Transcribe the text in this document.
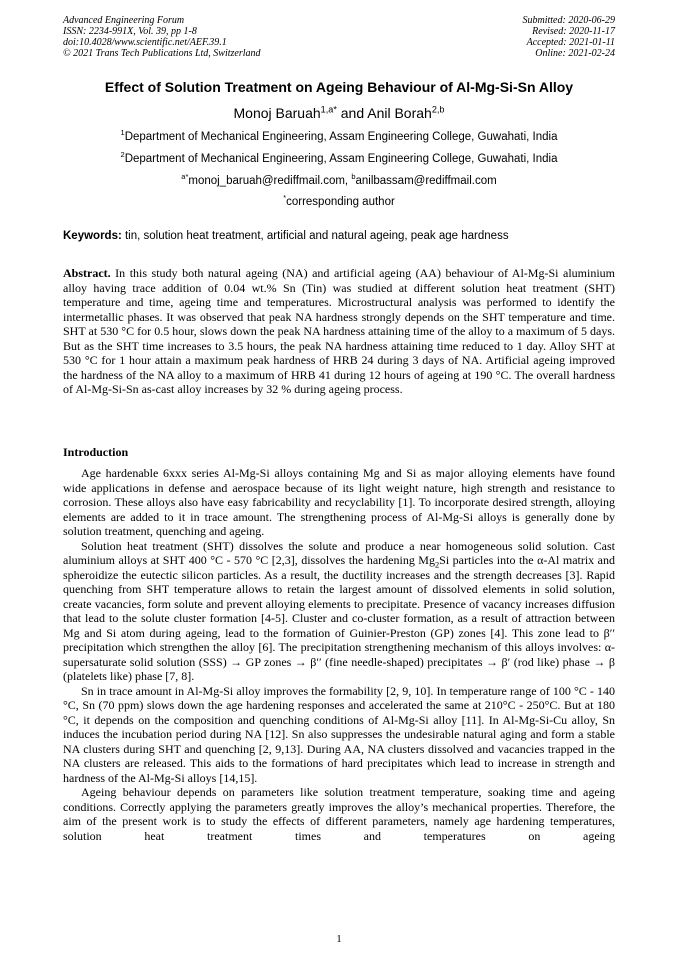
Advanced Engineering Forum
ISSN: 2234-991X, Vol. 39, pp 1-8
doi:10.4028/www.scientific.net/AEF.39.1
© 2021 Trans Tech Publications Ltd, Switzerland
Submitted: 2020-06-29
Revised: 2020-11-17
Accepted: 2021-01-11
Online: 2021-02-24
Effect of Solution Treatment on Ageing Behaviour of Al-Mg-Si-Sn Alloy
Monoj Baruah$^{1,a*}$ and Anil Borah$^{2,b}$
$^1$Department of Mechanical Engineering, Assam Engineering College, Guwahati, India
$^2$Department of Mechanical Engineering, Assam Engineering College, Guwahati, India
$^{a*}$monoj_baruah@rediffmail.com, $^b$anilbassam@rediffmail.com
*corresponding author
Keywords: tin, solution heat treatment, artificial and natural ageing, peak age hardness

Abstract. In this study both natural ageing (NA) and artificial ageing (AA) behaviour of Al-Mg-Si aluminium alloy having trace addition of 0.04 wt.% Sn (Tin) was studied at different solution heat treatment (SHT) temperature and time, ageing time and temperatures. Microstructural analysis was performed to identify the intermetallic phases. It was observed that peak NA hardness strongly depends on the SHT temperature and time. SHT at 530 °C for 0.5 hour, slows down the peak NA hardness attaining time of the alloy to a maximum of 5 days. But as the SHT time increases to 3.5 hours, the peak NA hardness attaining time reduced to 1 day. Alloy SHT at 530 °C for 1 hour attain a maximum peak hardness of HRB 24 during 3 days of NA. Artificial ageing improved the hardness of the NA alloy to a maximum of HRB 41 during 12 hours of ageing at 190 °C. The overall hardness of Al-Mg-Si-Sn as-cast alloy increases by 32 % during ageing process.

Introduction

Age hardenable 6xxx series Al-Mg-Si alloys containing Mg and Si as major alloying elements have found wide applications in defense and aerospace because of its light weight nature, high strength and resistance to corrosion. These alloys also have easy fabricability and recyclability [1]. To incorporate desired strength, alloying elements are added to it in trace amount. The strengthening process of Al-Mg-Si alloys is generally done by solution treatment, quenching and ageing.

Solution heat treatment (SHT) dissolves the solute and produce a near homogeneous solid solution. Cast aluminium alloys at SHT 400 °C - 570 °C [2,3], dissolves the hardening $Mg_2Si$ particles into the α-Al matrix and spheroidize the eutectic silicon particles. As a result, the ductility increases and the strength decreases [3]. Rapid quenching from SHT temperature allows to retain the largest amount of dissolved elements in solid solution, create vacancies, form solute and prevent alloying elements to precipitate. Presence of vacancy increases diffusion that lead to the solute cluster formation [4-5]. Cluster and co-cluster formation, as a result of attraction between Mg and Si atom during ageing, lead to the formation of Guinier-Preston (GP) zones [4]. This zone lead to β′′ precipitation which strengthen the alloy [6]. The precipitation strengthening mechanism of this alloys involves: α-supersaturate solid solution (SSS) → GP zones → β′′ (fine needle-shaped) precipitates → β′ (rod like) phase → β (platelets like) phase [7, 8].

Sn in trace amount in Al-Mg-Si alloy improves the formability [2, 9, 10]. In temperature range of 100 °C - 140 °C, Sn (70 ppm) slows down the age hardening responses and accelerated the same at 210°C - 250°C. But at 180 °C, it depends on the composition and quenching conditions of Al-Mg-Si alloy [11]. In Al-Mg-Si-Cu alloy, Sn induces the incubation period during NA [12]. Sn also suppresses the undesirable natural aging and form a stable NA clusters during SHT and quenching [2, 9,13]. During AA, NA clusters dissolved and vacancies trapped in the NA clusters are released. This aids to the formations of hard precipitates which lead to increase in strength and hardness of the Al-Mg-Si alloys [14,15].

Ageing behaviour depends on parameters like solution treatment temperature, soaking time and ageing conditions. Correctly applying the parameters greatly improves the alloy’s mechanical properties. Therefore, the aim of the present work is to study the effects of different parameters, namely age hardening temperatures, solution heat treatment times and temperatures on ageing

1
